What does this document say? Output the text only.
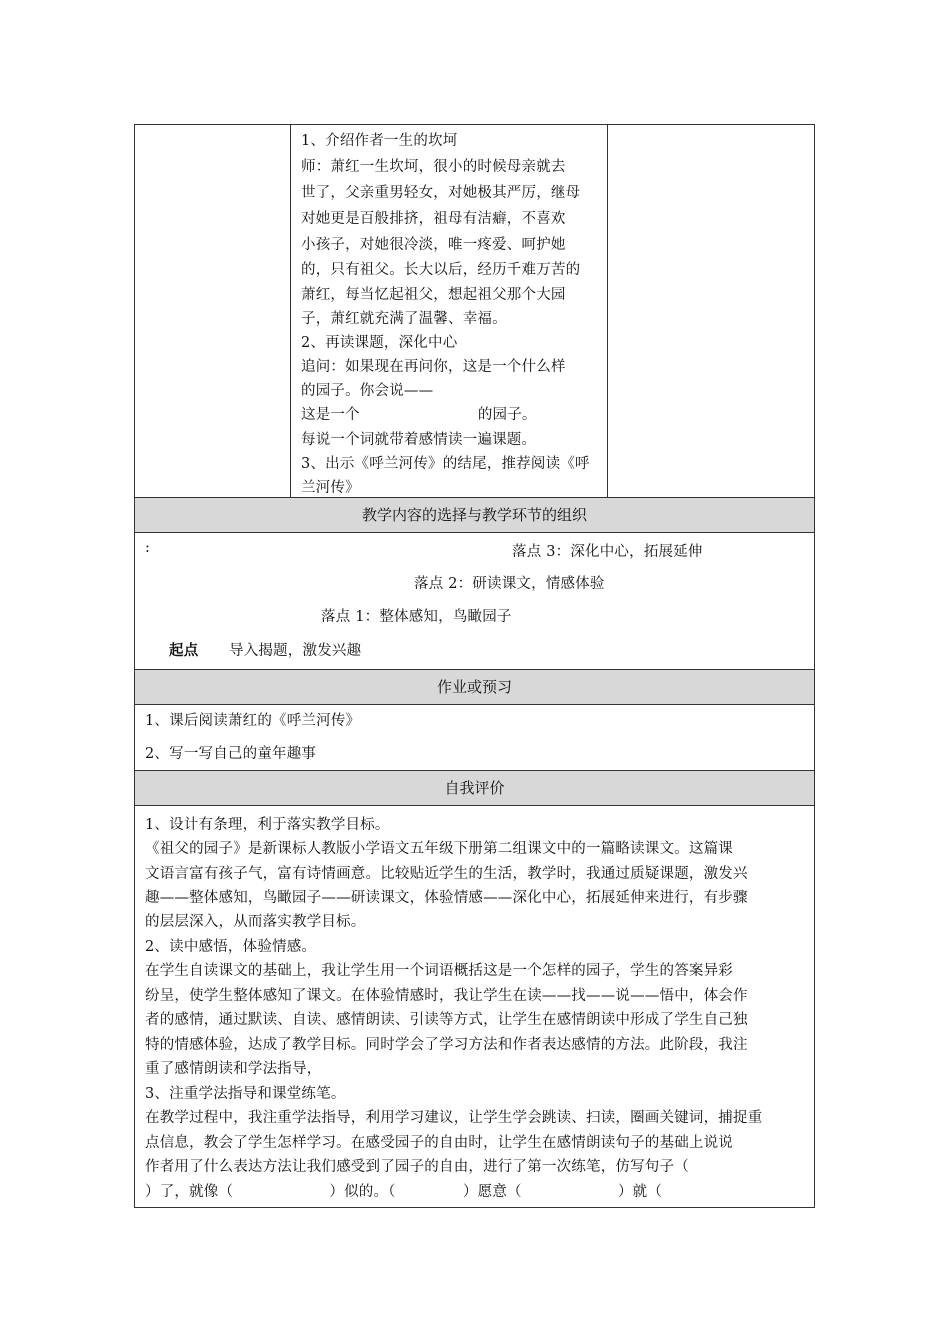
1、介绍作者一生的坎坷
师：萧红一生坎坷，很小的时候母亲就去
世了，父亲重男轻女，对她极其严厉，继母
对她更是百般排挤，祖母有洁癖，不喜欢
小孩子，对她很冷淡，唯一疼爱、呵护她
的，只有祖父。长大以后，经历千难万苦的
萧红，每当忆起祖父，想起祖父那个大园
子，萧红就充满了温馨、幸福。
2、再读课题，深化中心
追问：如果现在再问你，这是一个什么样
的园子。你会说——
这是一个	的园子。
每说一个词就带着感情读一遍课题。
3、出示《呼兰河传》的结尾，推荐阅读《呼
兰河传》
教学内容的选择与教学环节的组织
:	落点 3：深化中心，拓展延伸
落点 2：研读课文，情感体验
落点 1：整体感知，鸟瞰园子
起点 导入揭题，激发兴趣
作业或预习
1、课后阅读萧红的《呼兰河传》
2、写一写自己的童年趣事
自我评价
1、设计有条理，利于落实教学目标。
《祖父的园子》是新课标人教版小学语文五年级下册第二组课文中的一篇略读课文。这篇课
文语言富有孩子气，富有诗情画意。比较贴近学生的生活，教学时，我通过质疑课题，激发兴
趣——整体感知，鸟瞰园子——研读课文，体验情感——深化中心，拓展延伸来进行，有步骤
的层层深入，从而落实教学目标。
2、读中感悟，体验情感。
在学生自读课文的基础上，我让学生用一个词语概括这是一个怎样的园子，学生的答案异彩
纷呈，使学生整体感知了课文。在体验情感时，我让学生在读——找——说——悟中，体会作
者的感情，通过默读、自读、感情朗读、引读等方式，让学生在感情朗读中形成了学生自己独
特的情感体验，达成了教学目标。同时学会了学习方法和作者表达感情的方法。此阶段，我注
重了感情朗读和学法指导，
3、注重学法指导和课堂练笔。
在教学过程中，我注重学法指导，利用学习建议，让学生学会跳读、扫读，圈画关键词，捕捉重
点信息，教会了学生怎样学习。在感受园子的自由时，让学生在感情朗读句子的基础上说说
作者用了什么表达方法让我们感受到了园子的自由，进行了第一次练笔，仿写句子（
）了，就像（                    ）似的。（              ）愿意（                    ）就（
